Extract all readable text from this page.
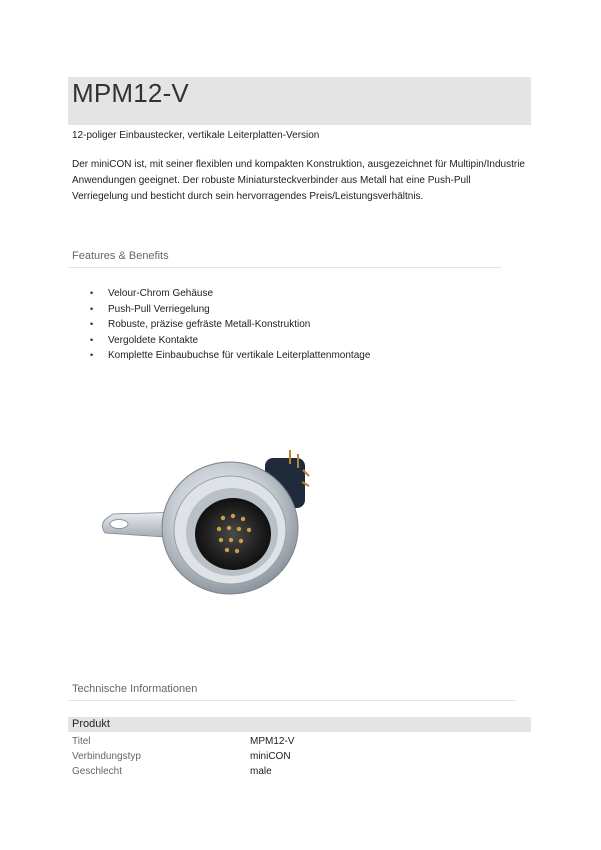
MPM12-V
12-poliger Einbaustecker, vertikale Leiterplatten-Version
Der miniCON ist, mit seiner flexiblen und kompakten Konstruktion, ausgezeichnet für Multipin/Industrie
Anwendungen geeignet. Der robuste Miniatursteckverbinder aus Metall hat eine Push-Pull
Verriegelung und besticht durch sein hervorragendes Preis/Leistungsverhältnis.
Features & Benefits
• Velour-Chrom Gehäuse
• Push-Pull Verriegelung
• Robuste, präzise gefräste Metall-Konstruktion
• Vergoldete Kontakte
• Komplette Einbaubuchse für vertikale Leiterplattenmontage
Technische Informationen
Produkt
Titel	MPM12-V
Verbindungstyp	miniCON
Geschlecht	male
